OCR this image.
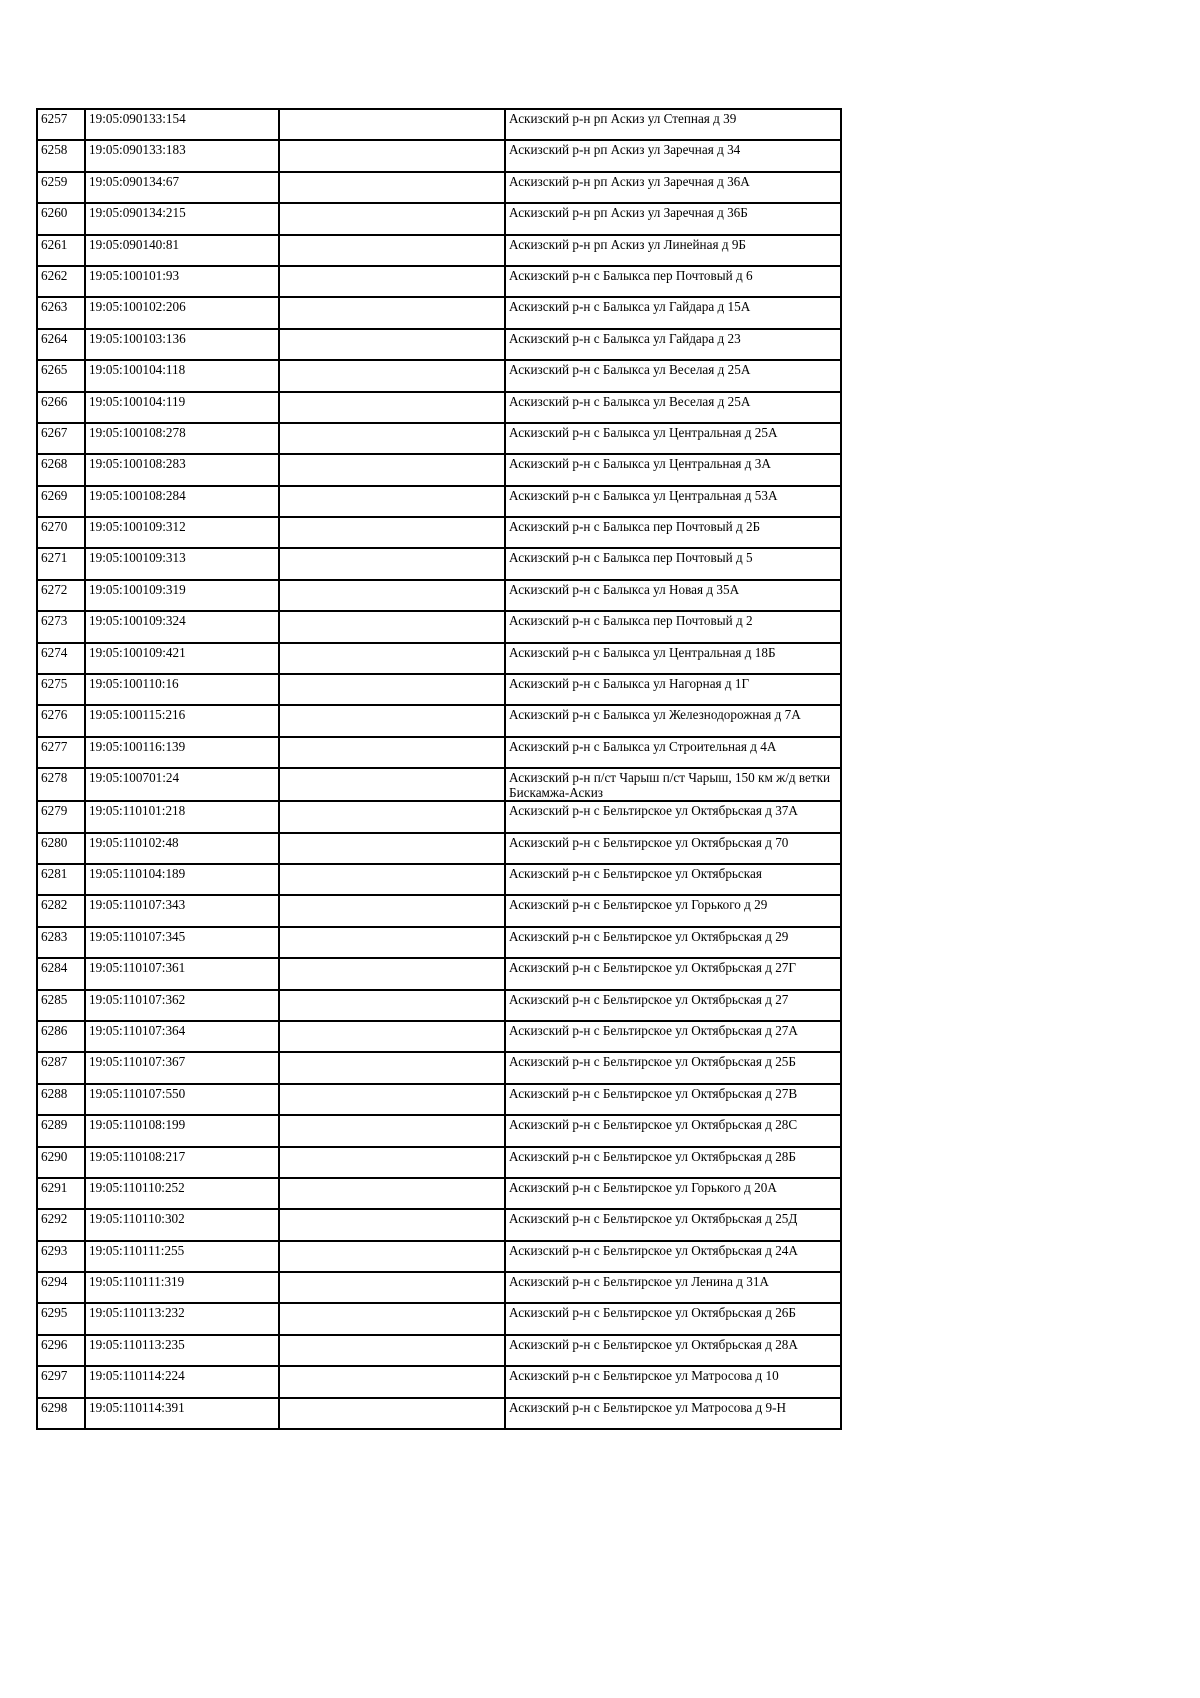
6257	19:05:090133:154		Аскизский р-н рп Аскиз ул Степная д 39

6258	19:05:090133:183		Аскизский р-н рп Аскиз ул Заречная д 34

6259	19:05:090134:67		Аскизский р-н рп Аскиз ул Заречная д 36А

6260	19:05:090134:215		Аскизский р-н рп Аскиз ул Заречная д 36Б

6261	19:05:090140:81		Аскизский р-н рп Аскиз ул Линейная д 9Б

6262	19:05:100101:93		Аскизский р-н с Балыкса пер Почтовый д 6

6263	19:05:100102:206		Аскизский р-н с Балыкса ул Гайдара д 15А

6264	19:05:100103:136		Аскизский р-н с Балыкса ул Гайдара д 23

6265	19:05:100104:118		Аскизский р-н с Балыкса ул Веселая д 25А

6266	19:05:100104:119		Аскизский р-н с Балыкса ул Веселая д 25А

6267	19:05:100108:278		Аскизский р-н с Балыкса ул Центральная д 25А

6268	19:05:100108:283		Аскизский р-н с Балыкса ул Центральная д 3А

6269	19:05:100108:284		Аскизский р-н с Балыкса ул Центральная д 53А

6270	19:05:100109:312		Аскизский р-н с Балыкса пер Почтовый д 2Б

6271	19:05:100109:313		Аскизский р-н с Балыкса пер Почтовый д 5

6272	19:05:100109:319		Аскизский р-н с Балыкса ул Новая д 35А

6273	19:05:100109:324		Аскизский р-н с Балыкса пер Почтовый д 2

6274	19:05:100109:421		Аскизский р-н с Балыкса ул Центральная д 18Б

6275	19:05:100110:16		Аскизский р-н с Балыкса ул Нагорная д 1Г

6276	19:05:100115:216		Аскизский р-н с Балыкса ул Железнодорожная д 7А

6277	19:05:100116:139		Аскизский р-н с Балыкса ул Строительная д 4А

6278	19:05:100701:24		Аскизский р-н п/ст Чарыш п/ст Чарыш, 150 км ж/д ветки Бискамжа-Аскиз

6279	19:05:110101:218		Аскизский р-н с Бельтирское ул Октябрьская д 37А

6280	19:05:110102:48		Аскизский р-н с Бельтирское ул Октябрьская д 70

6281	19:05:110104:189		Аскизский р-н с Бельтирское ул Октябрьская

6282	19:05:110107:343		Аскизский р-н с Бельтирское ул Горького д 29

6283	19:05:110107:345		Аскизский р-н с Бельтирское ул Октябрьская д 29

6284	19:05:110107:361		Аскизский р-н с Бельтирское ул Октябрьская д 27Г

6285	19:05:110107:362		Аскизский р-н с Бельтирское ул Октябрьская д 27

6286	19:05:110107:364		Аскизский р-н с Бельтирское ул Октябрьская д 27А

6287	19:05:110107:367		Аскизский р-н с Бельтирское ул Октябрьская д 25Б

6288	19:05:110107:550		Аскизский р-н с Бельтирское ул Октябрьская д 27В

6289	19:05:110108:199		Аскизский р-н с Бельтирское ул Октябрьская д 28С

6290	19:05:110108:217		Аскизский р-н с Бельтирское ул Октябрьская д 28Б

6291	19:05:110110:252		Аскизский р-н с Бельтирское ул Горького д 20А

6292	19:05:110110:302		Аскизский р-н с Бельтирское ул Октябрьская д 25Д

6293	19:05:110111:255		Аскизский р-н с Бельтирское ул Октябрьская д 24А

6294	19:05:110111:319		Аскизский р-н с Бельтирское ул Ленина д 31А

6295	19:05:110113:232		Аскизский р-н с Бельтирское ул Октябрьская д 26Б

6296	19:05:110113:235		Аскизский р-н с Бельтирское ул Октябрьская д 28А

6297	19:05:110114:224		Аскизский р-н с Бельтирское ул Матросова д 10

6298	19:05:110114:391		Аскизский р-н с Бельтирское ул Матросова д 9-Н
